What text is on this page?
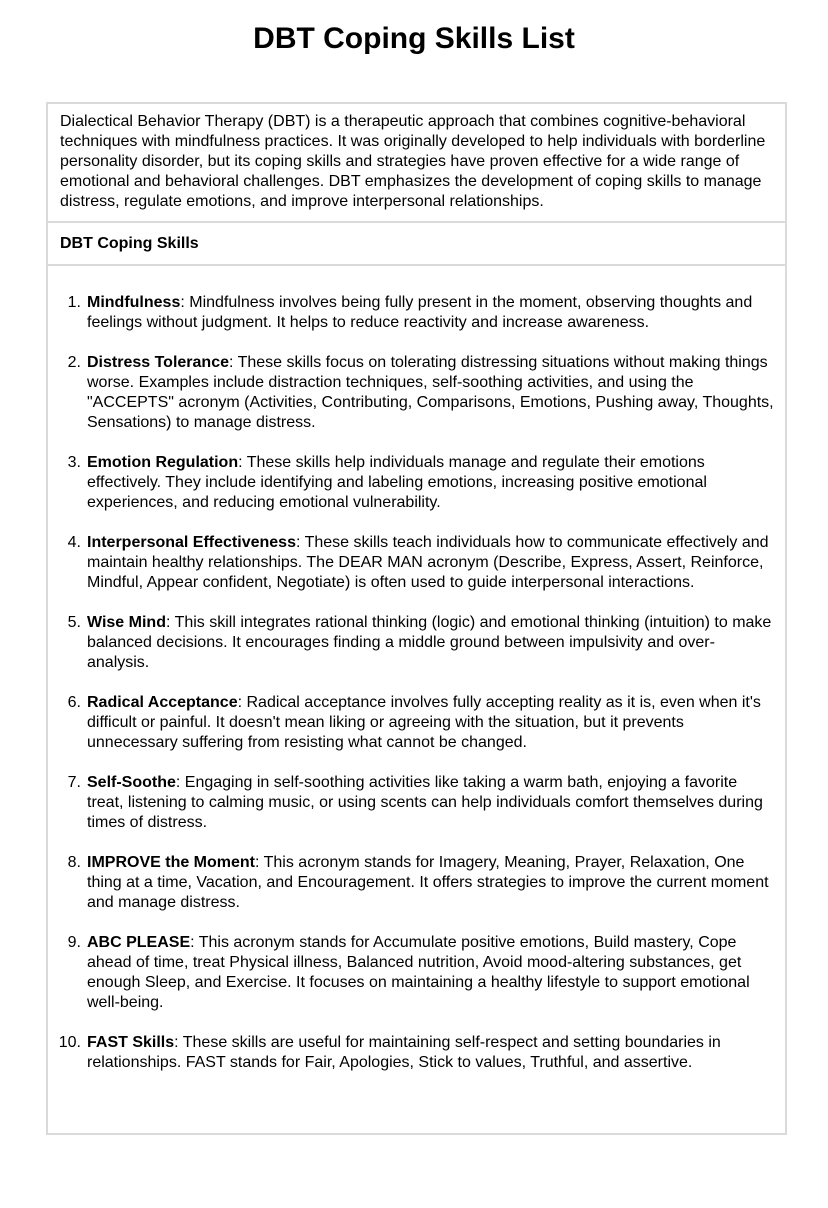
DBT Coping Skills List

Dialectical Behavior Therapy (DBT) is a therapeutic approach that combines cognitive-behavioral techniques with mindfulness practices. It was originally developed to help individuals with borderline personality disorder, but its coping skills and strategies have proven effective for a wide range of emotional and behavioral challenges. DBT emphasizes the development of coping skills to manage distress, regulate emotions, and improve interpersonal relationships.

DBT Coping Skills
1. Mindfulness: Mindfulness involves being fully present in the moment, observing thoughts and feelings without judgment. It helps to reduce reactivity and increase awareness.
2. Distress Tolerance: These skills focus on tolerating distressing situations without making things worse. Examples include distraction techniques, self-soothing activities, and using the "ACCEPTS" acronym (Activities, Contributing, Comparisons, Emotions, Pushing away, Thoughts, Sensations) to manage distress.
3. Emotion Regulation: These skills help individuals manage and regulate their emotions effectively. They include identifying and labeling emotions, increasing positive emotional experiences, and reducing emotional vulnerability.
4. Interpersonal Effectiveness: These skills teach individuals how to communicate effectively and maintain healthy relationships. The DEAR MAN acronym (Describe, Express, Assert, Reinforce, Mindful, Appear confident, Negotiate) is often used to guide interpersonal interactions.
5. Wise Mind: This skill integrates rational thinking (logic) and emotional thinking (intuition) to make balanced decisions. It encourages finding a middle ground between impulsivity and over-analysis.
6. Radical Acceptance: Radical acceptance involves fully accepting reality as it is, even when it's difficult or painful. It doesn't mean liking or agreeing with the situation, but it prevents unnecessary suffering from resisting what cannot be changed.
7. Self-Soothe: Engaging in self-soothing activities like taking a warm bath, enjoying a favorite treat, listening to calming music, or using scents can help individuals comfort themselves during times of distress.
8. IMPROVE the Moment: This acronym stands for Imagery, Meaning, Prayer, Relaxation, One thing at a time, Vacation, and Encouragement. It offers strategies to improve the current moment and manage distress.
9. ABC PLEASE: This acronym stands for Accumulate positive emotions, Build mastery, Cope ahead of time, treat Physical illness, Balanced nutrition, Avoid mood-altering substances, get enough Sleep, and Exercise. It focuses on maintaining a healthy lifestyle to support emotional well-being.
10. FAST Skills: These skills are useful for maintaining self-respect and setting boundaries in relationships. FAST stands for Fair, Apologies, Stick to values, Truthful, and assertive.
